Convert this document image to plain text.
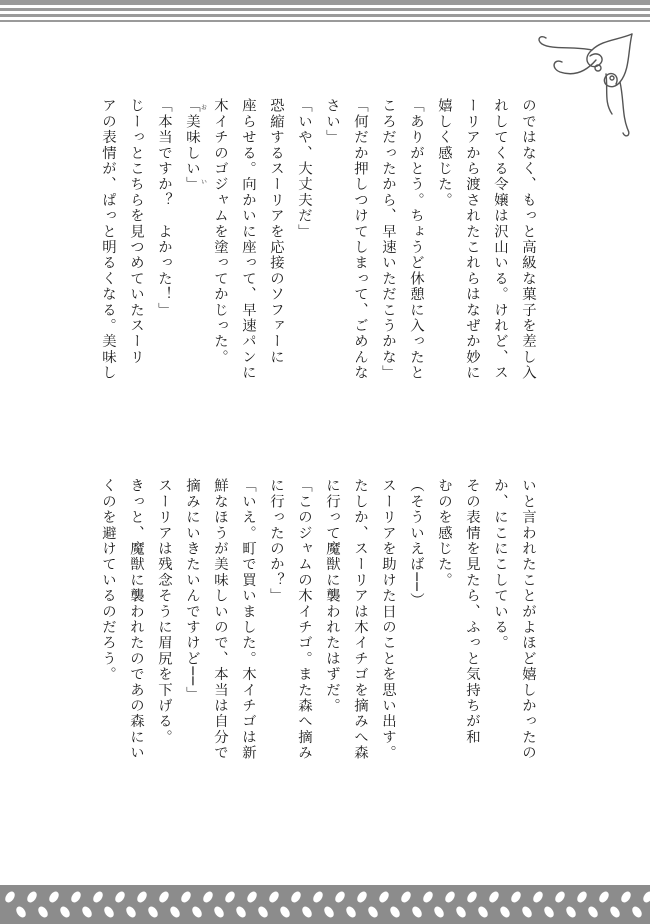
のではなく、もっと高級な菓子を差し入

れしてくる令嬢は沢山いる。けれど、ス

ーリアから渡されたこれらはなぜか妙に

嬉しく感じた。

「ありがとう。ちょうど休憩に入ったと

ころだったから、早速いただこうかな」

「何だか押しつけてしまって、ごめんな

さい」

「いや、大丈夫だ」

恐縮するスーリアを応接のソファーに

座らせる。向かいに座って、早速パンに

木イチのゴジャムを塗ってかじった。

「美味しい」 おい

「本当ですか？　よかった！」

じーっとこちらを見つめていたスーリ

アの表情が、ぱっと明るくなる。美味し

いと言われたことがよほど嬉しかったの

か、にこにこしている。

その表情を見たら、ふっと気持ちが和

むのを感じた。

（そういえば──）

スーリアを助けた日のことを思い出す。

たしか、スーリアは木イチゴを摘みへ森

に行って魔獣に襲われたはずだ。

「このジャムの木イチゴ。また森へ摘み

に行ったのか？」

「いえ。町で買いました。木イチゴは新

鮮なほうが美味しいので、本当は自分で

摘みにいきたいんですけど──」

スーリアは残念そうに眉尻を下げる。

きっと、魔獣に襲われたのであの森にい

くのを避けているのだろう。
